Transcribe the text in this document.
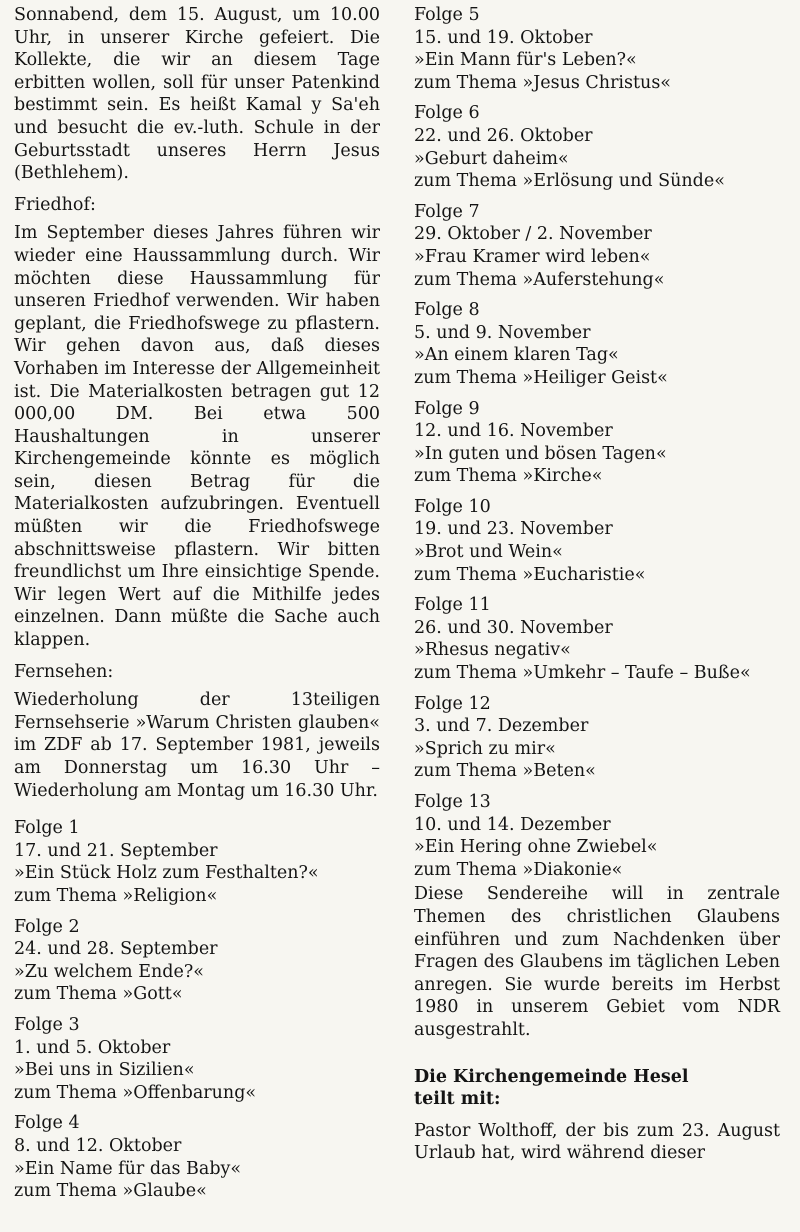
Sonnabend, dem 15. August, um 10.00 Uhr, in unserer Kirche gefeiert. Die Kollekte, die wir an diesem Tage erbitten wollen, soll für unser Patenkind bestimmt sein. Es heißt Kamal y Sa'eh und besucht die ev.-luth. Schule in der Geburtsstadt unseres Herrn Jesus (Bethlehem).

Friedhof:

Im September dieses Jahres führen wir wieder eine Haussammlung durch. Wir möchten diese Haussammlung für unseren Friedhof verwenden. Wir haben geplant, die Friedhofswege zu pflastern. Wir gehen davon aus, daß dieses Vorhaben im Interesse der Allgemeinheit ist. Die Materialkosten betragen gut 12 000,00 DM. Bei etwa 500 Haushaltungen in unserer Kirchengemeinde könnte es möglich sein, diesen Betrag für die Materialkosten aufzubringen. Eventuell müßten wir die Friedhofswege abschnittsweise pflastern. Wir bitten freundlichst um Ihre einsichtige Spende. Wir legen Wert auf die Mithilfe jedes einzelnen. Dann müßte die Sache auch klappen.

Fernsehen:

Wiederholung der 13teiligen Fernsehserie »Warum Christen glauben« im ZDF ab 17. September 1981, jeweils am Donnerstag um 16.30 Uhr – Wiederholung am Montag um 16.30 Uhr.

Folge 1
17. und 21. September
»Ein Stück Holz zum Festhalten?«
zum Thema »Religion«
Folge 2
24. und 28. September
»Zu welchem Ende?«
zum Thema »Gott«
Folge 3
1. und 5. Oktober
»Bei uns in Sizilien«
zum Thema »Offenbarung«
Folge 4
8. und 12. Oktober
»Ein Name für das Baby«
zum Thema »Glaube«
Folge 5
15. und 19. Oktober
»Ein Mann für's Leben?«
zum Thema »Jesus Christus«
Folge 6
22. und 26. Oktober
»Geburt daheim«
zum Thema »Erlösung und Sünde«
Folge 7
29. Oktober / 2. November
»Frau Kramer wird leben«
zum Thema »Auferstehung«
Folge 8
5. und 9. November
»An einem klaren Tag«
zum Thema »Heiliger Geist«
Folge 9
12. und 16. November
»In guten und bösen Tagen«
zum Thema »Kirche«
Folge 10
19. und 23. November
»Brot und Wein«
zum Thema »Eucharistie«
Folge 11
26. und 30. November
»Rhesus negativ«
zum Thema »Umkehr – Taufe – Buße«
Folge 12
3. und 7. Dezember
»Sprich zu mir«
zum Thema »Beten«
Folge 13
10. und 14. Dezember
»Ein Hering ohne Zwiebel«
zum Thema »Diakonie«

Diese Sendereihe will in zentrale Themen des christlichen Glaubens einführen und zum Nachdenken über Fragen des Glaubens im täglichen Leben anregen. Sie wurde bereits im Herbst 1980 in unserem Gebiet vom NDR ausgestrahlt.

Die Kirchengemeinde Hesel
teilt mit:

Pastor Wolthoff, der bis zum 23. August Urlaub hat, wird während dieser
